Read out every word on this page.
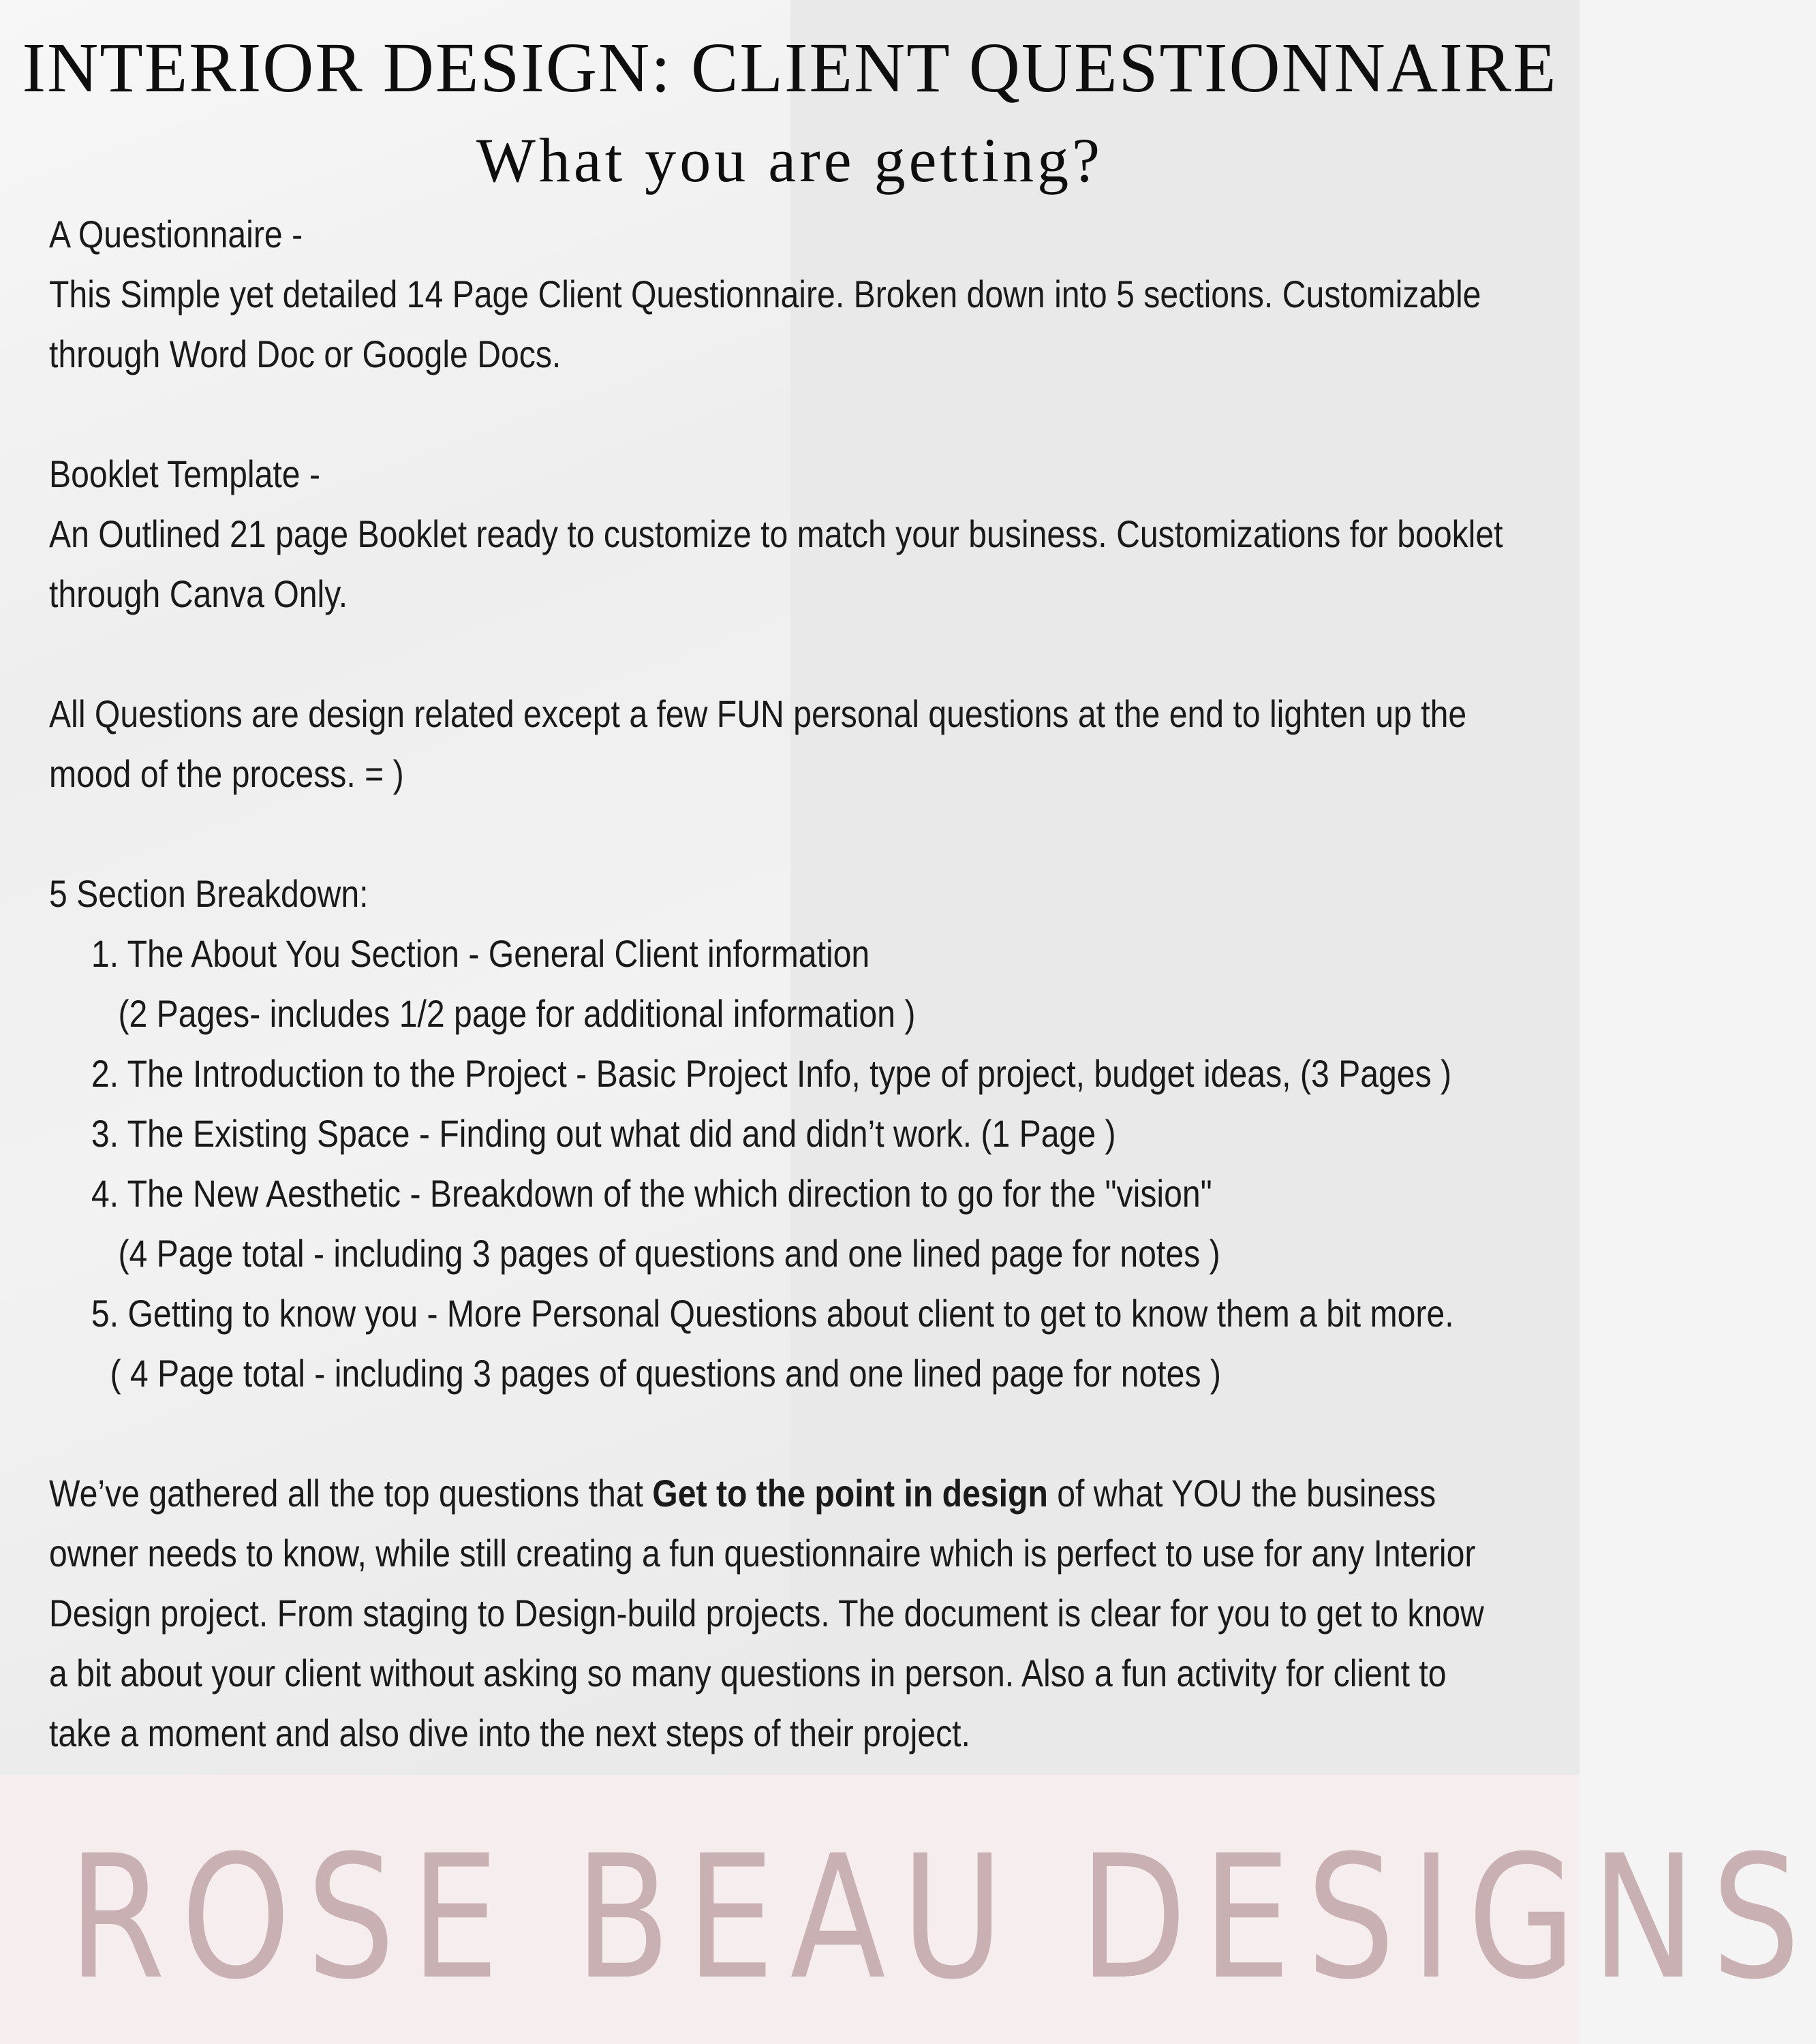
INTERIOR DESIGN: CLIENT QUESTIONNAIRE
What you are getting?

A Questionnaire -

This Simple yet detailed 14 Page Client Questionnaire. Broken down into 5 sections. Customizable

through Word Doc or Google Docs.

Booklet Template -

An Outlined 21 page Booklet ready to customize to match your business. Customizations for booklet

through Canva Only.

All Questions are design related except a few FUN personal questions at the end to lighten up the

mood of the process. = )

5 Section Breakdown:

1. The About You Section - General Client information

(2 Pages- includes 1/2 page for additional information )

2. The Introduction to the Project - Basic Project Info, type of project, budget ideas, (3 Pages )

3. The Existing Space - Finding out what did and didn’t work. (1 Page )

4. The New Aesthetic - Breakdown of the which direction to go for the "vision"

(4 Page total - including 3 pages of questions and one lined page for notes )

5. Getting to know you - More Personal Questions about client to get to know them a bit more.

( 4 Page total - including 3 pages of questions and one lined page for notes )

We’ve gathered all the top questions that Get to the point in design of what YOU the business

owner needs to know, while still creating a fun questionnaire which is perfect to use for any Interior

Design project. From staging to Design-build projects. The document is clear for you to get to know

a bit about your client without asking so many questions in person. Also a fun activity for client to

take a moment and also dive into the next steps of their project.

ROSE BEAU DESIGNS
